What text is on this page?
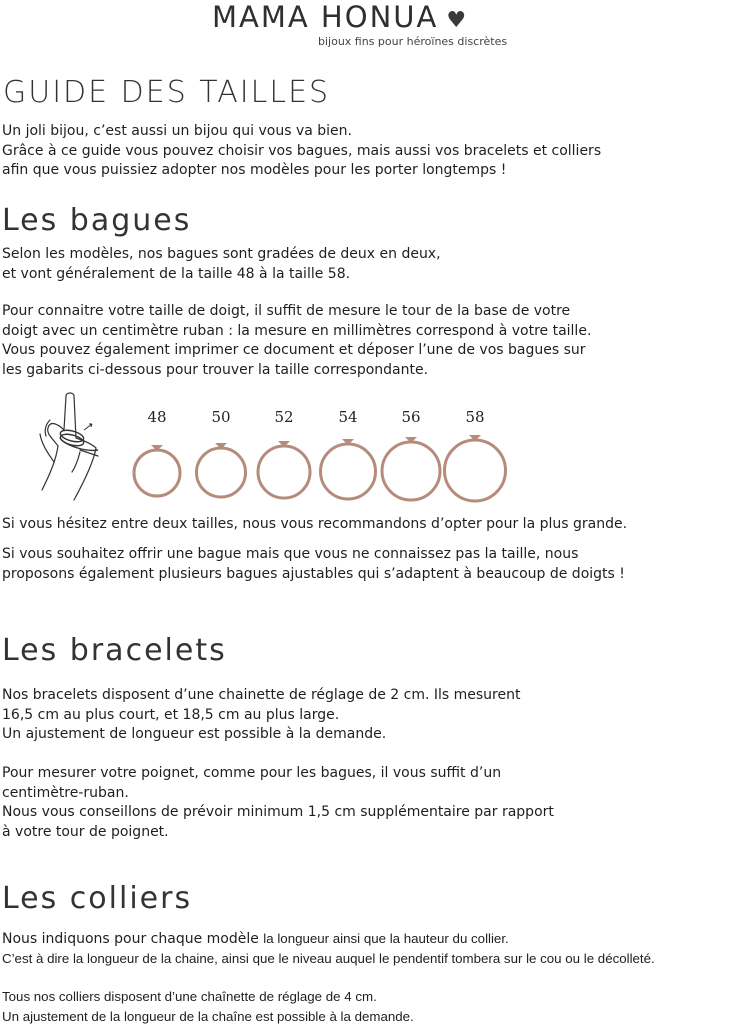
MAMA HONUA ♥
bijoux fins pour héroïnes discrètes
GUIDE DES TAILLES
Un joli bijou, c’est aussi un bijou qui vous va bien.
Grâce à ce guide vous pouvez choisir vos bagues, mais aussi vos bracelets et colliers
afin que vous puissiez adopter nos modèles pour les porter longtemps !
Les bagues
Selon les modèles, nos bagues sont gradées de deux en deux,
et vont généralement de la taille 48 à la taille 58.
Pour connaitre votre taille de doigt, il suffit de mesure le tour de la base de votre
doigt avec un centimètre ruban : la mesure en millimètres correspond à votre taille.
Vous pouvez également imprimer ce document et déposer l’une de vos bagues sur
les gabarits ci-dessous pour trouver la taille correspondante.
48	50	52	54	56	58
Si vous hésitez entre deux tailles, nous vous recommandons d’opter pour la plus grande.
Si vous souhaitez offrir une bague mais que vous ne connaissez pas la taille, nous
proposons également plusieurs bagues ajustables qui s’adaptent à beaucoup de doigts !
Les bracelets
Nos bracelets disposent d’une chainette de réglage de 2 cm. Ils mesurent
16,5 cm au plus court, et 18,5 cm au plus large.
Un ajustement de longueur est possible à la demande.
Pour mesurer votre poignet, comme pour les bagues, il vous suffit d’un
centimètre-ruban.
Nous vous conseillons de prévoir minimum 1,5 cm supplémentaire par rapport
à votre tour de poignet.
Les colliers
Nous indiquons pour chaque modèle la longueur ainsi que la hauteur du collier.
C’est à dire la longueur de la chaine, ainsi que le niveau auquel le pendentif tombera sur le cou ou le décolleté.
Tous nos colliers disposent d’une chaînette de réglage de 4 cm.
Un ajustement de la longueur de la chaîne est possible à la demande.
